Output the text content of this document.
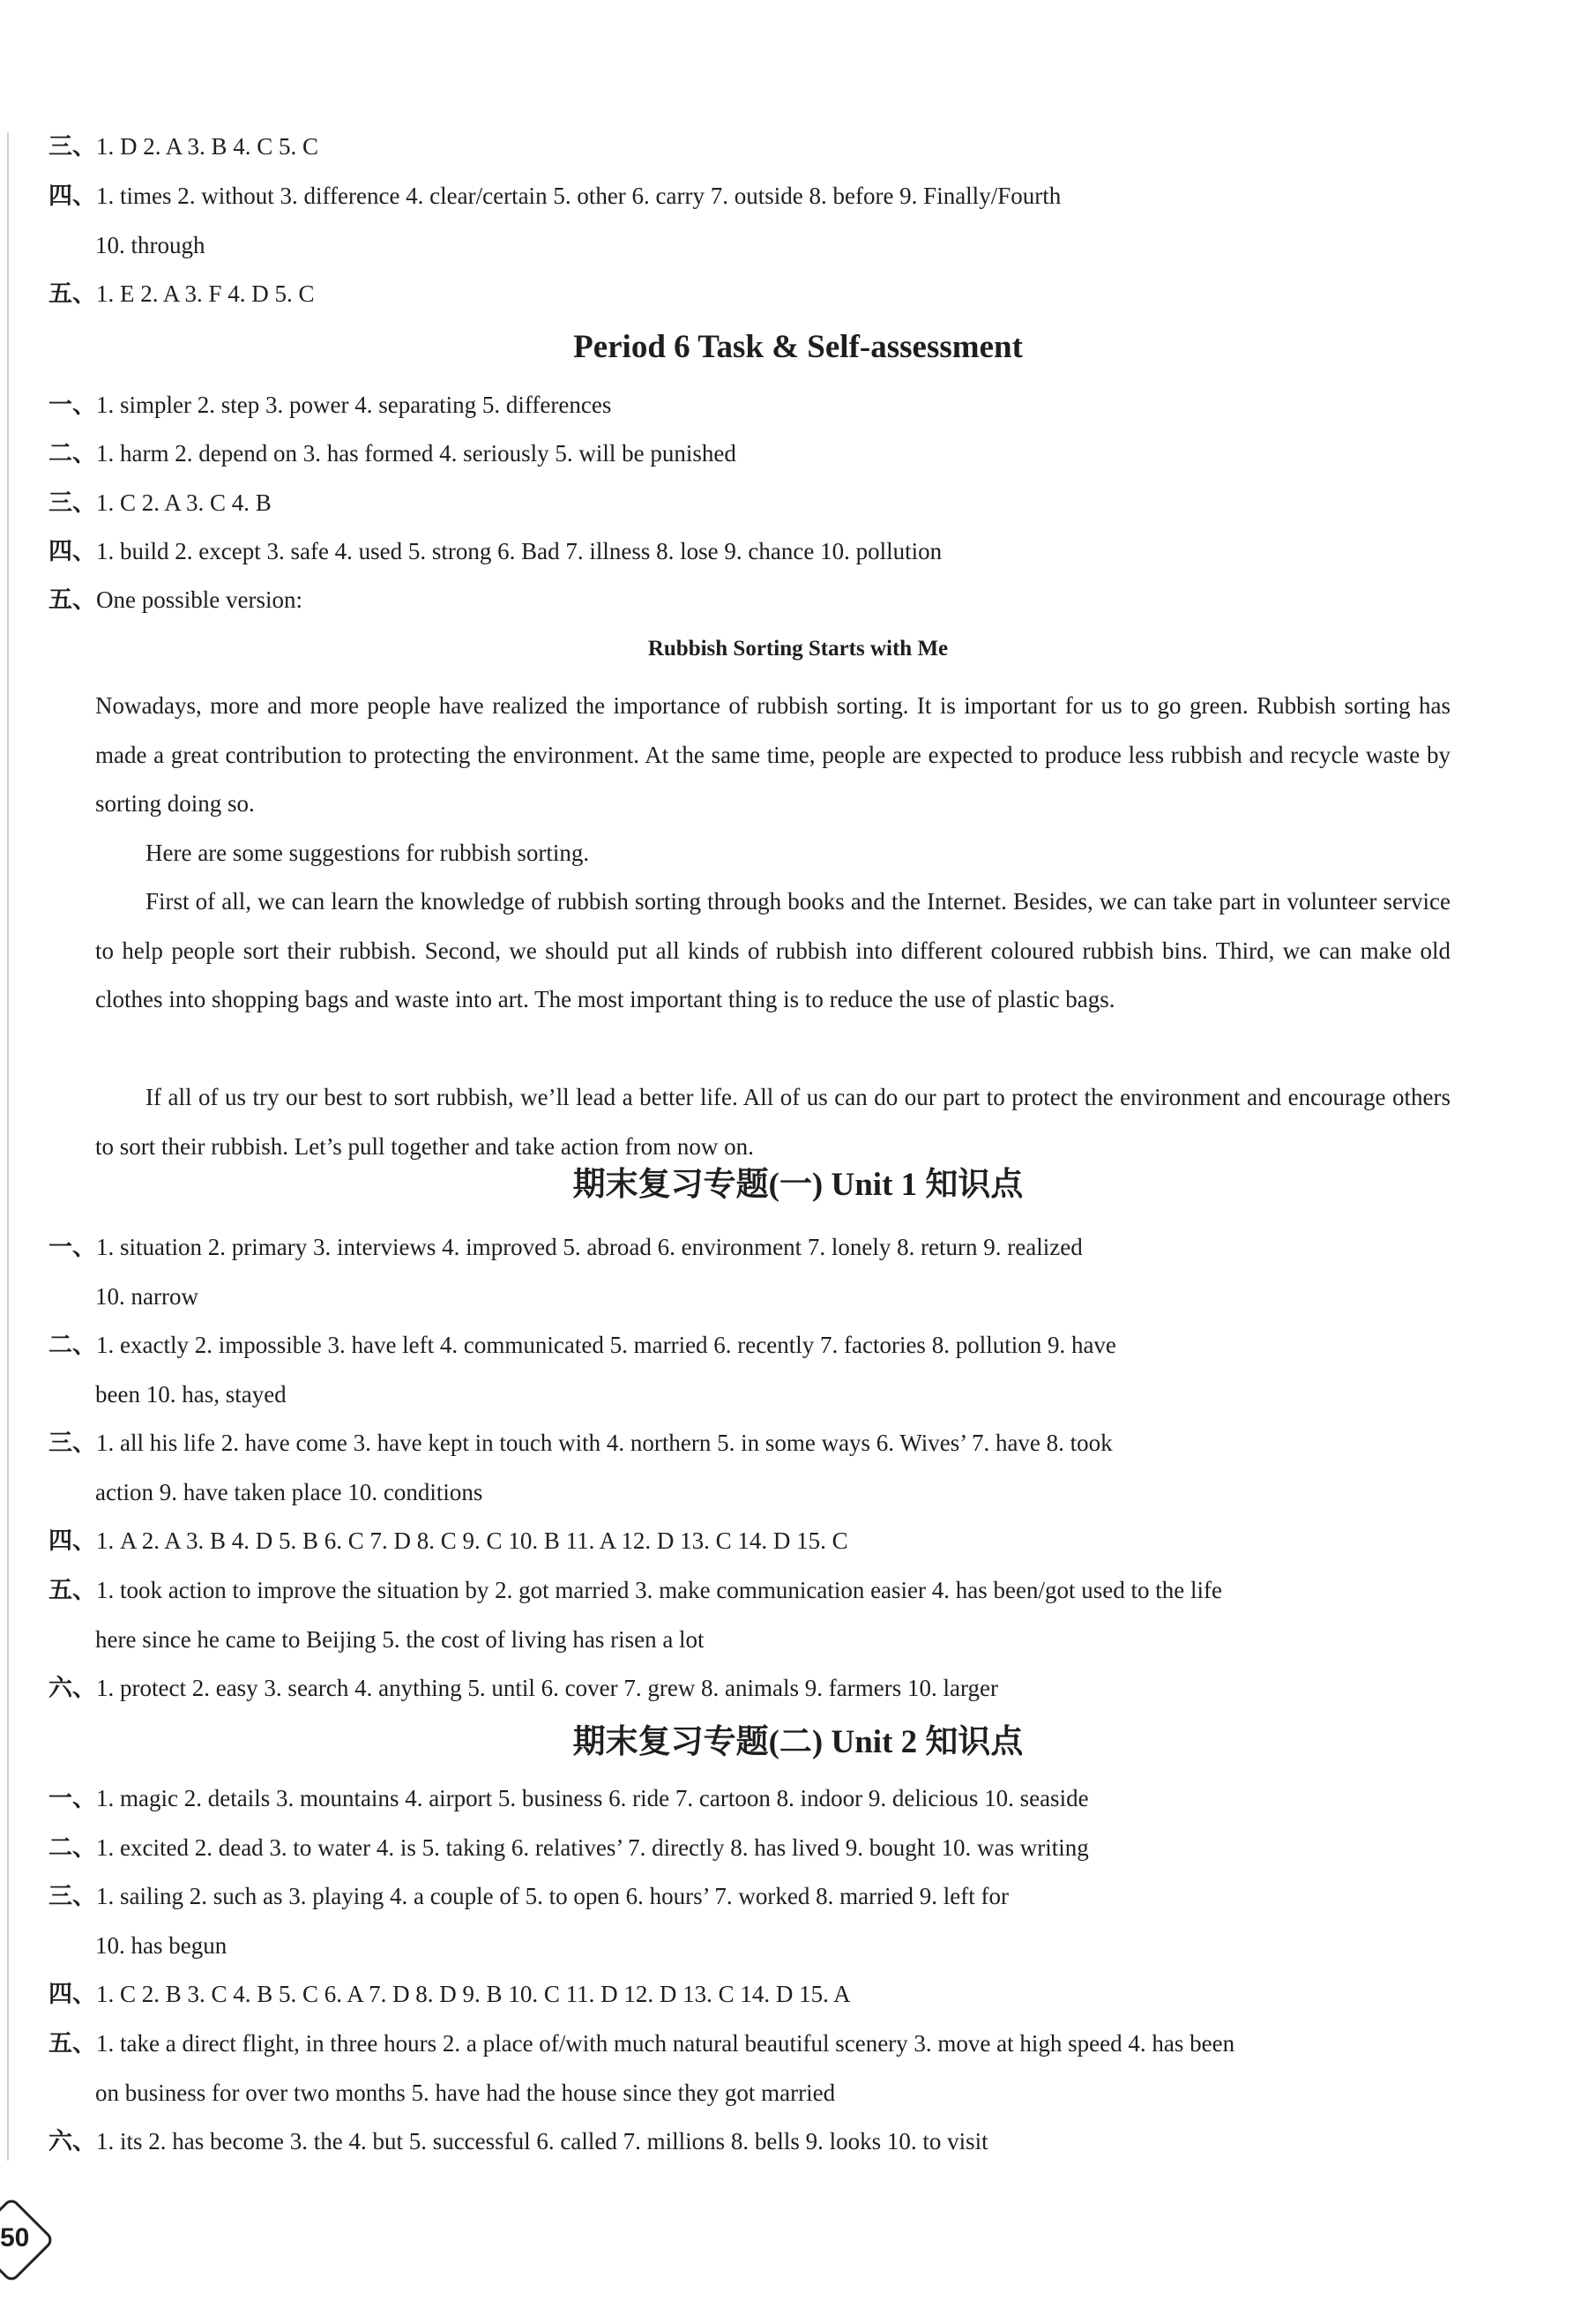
三、1. D 2. A 3. B 4. C 5. C
四、1. times 2. without 3. difference 4. clear/certain 5. other 6. carry 7. outside 8. before 9. Finally/Fourth
10. through
五、1. E 2. A 3. F 4. D 5. C
Period 6 Task & Self-assessment
一、1. simpler 2. step 3. power 4. separating 5. differences
二、1. harm 2. depend on 3. has formed 4. seriously 5. will be punished
三、1. C 2. A 3. C 4. B
四、1. build 2. except 3. safe 4. used 5. strong 6. Bad 7. illness 8. lose 9. chance 10. pollution
五、One possible version:
Rubbish Sorting Starts with Me
Nowadays, more and more people have realized the importance of rubbish sorting. It is important for us to go green. Rubbish sorting has made a great contribution to protecting the environment. At the same time, people are expected to produce less rubbish and recycle waste by sorting doing so.
Here are some suggestions for rubbish sorting.
First of all, we can learn the knowledge of rubbish sorting through books and the Internet. Besides, we can take part in volunteer service to help people sort their rubbish. Second, we should put all kinds of rubbish into different coloured rubbish bins. Third, we can make old clothes into shopping bags and waste into art. The most important thing is to reduce the use of plastic bags.
If all of us try our best to sort rubbish, we’ll lead a better life. All of us can do our part to protect the environment and encourage others to sort their rubbish. Let’s pull together and take action from now on.
期末复习专题(一) Unit 1 知识点
一、1. situation 2. primary 3. interviews 4. improved 5. abroad 6. environment 7. lonely 8. return 9. realized
10. narrow
二、1. exactly 2. impossible 3. have left 4. communicated 5. married 6. recently 7. factories 8. pollution 9. have
been 10. has, stayed
三、1. all his life 2. have come 3. have kept in touch with 4. northern 5. in some ways 6. Wives’ 7. have 8. took
action 9. have taken place 10. conditions
四、1. A 2. A 3. B 4. D 5. B 6. C 7. D 8. C 9. C 10. B 11. A 12. D 13. C 14. D 15. C
五、1. took action to improve the situation by 2. got married 3. make communication easier 4. has been/got used to the life
here since he came to Beijing 5. the cost of living has risen a lot
六、1. protect 2. easy 3. search 4. anything 5. until 6. cover 7. grew 8. animals 9. farmers 10. larger
期末复习专题(二) Unit 2 知识点
一、1. magic 2. details 3. mountains 4. airport 5. business 6. ride 7. cartoon 8. indoor 9. delicious 10. seaside
二、1. excited 2. dead 3. to water 4. is 5. taking 6. relatives’ 7. directly 8. has lived 9. bought 10. was writing
三、1. sailing 2. such as 3. playing 4. a couple of 5. to open 6. hours’ 7. worked 8. married 9. left for
10. has begun
四、1. C 2. B 3. C 4. B 5. C 6. A 7. D 8. D 9. B 10. C 11. D 12. D 13. C 14. D 15. A
五、1. take a direct flight, in three hours 2. a place of/with much natural beautiful scenery 3. move at high speed 4. has been
on business for over two months 5. have had the house since they got married
六、1. its 2. has become 3. the 4. but 5. successful 6. called 7. millions 8. bells 9. looks 10. to visit
50
